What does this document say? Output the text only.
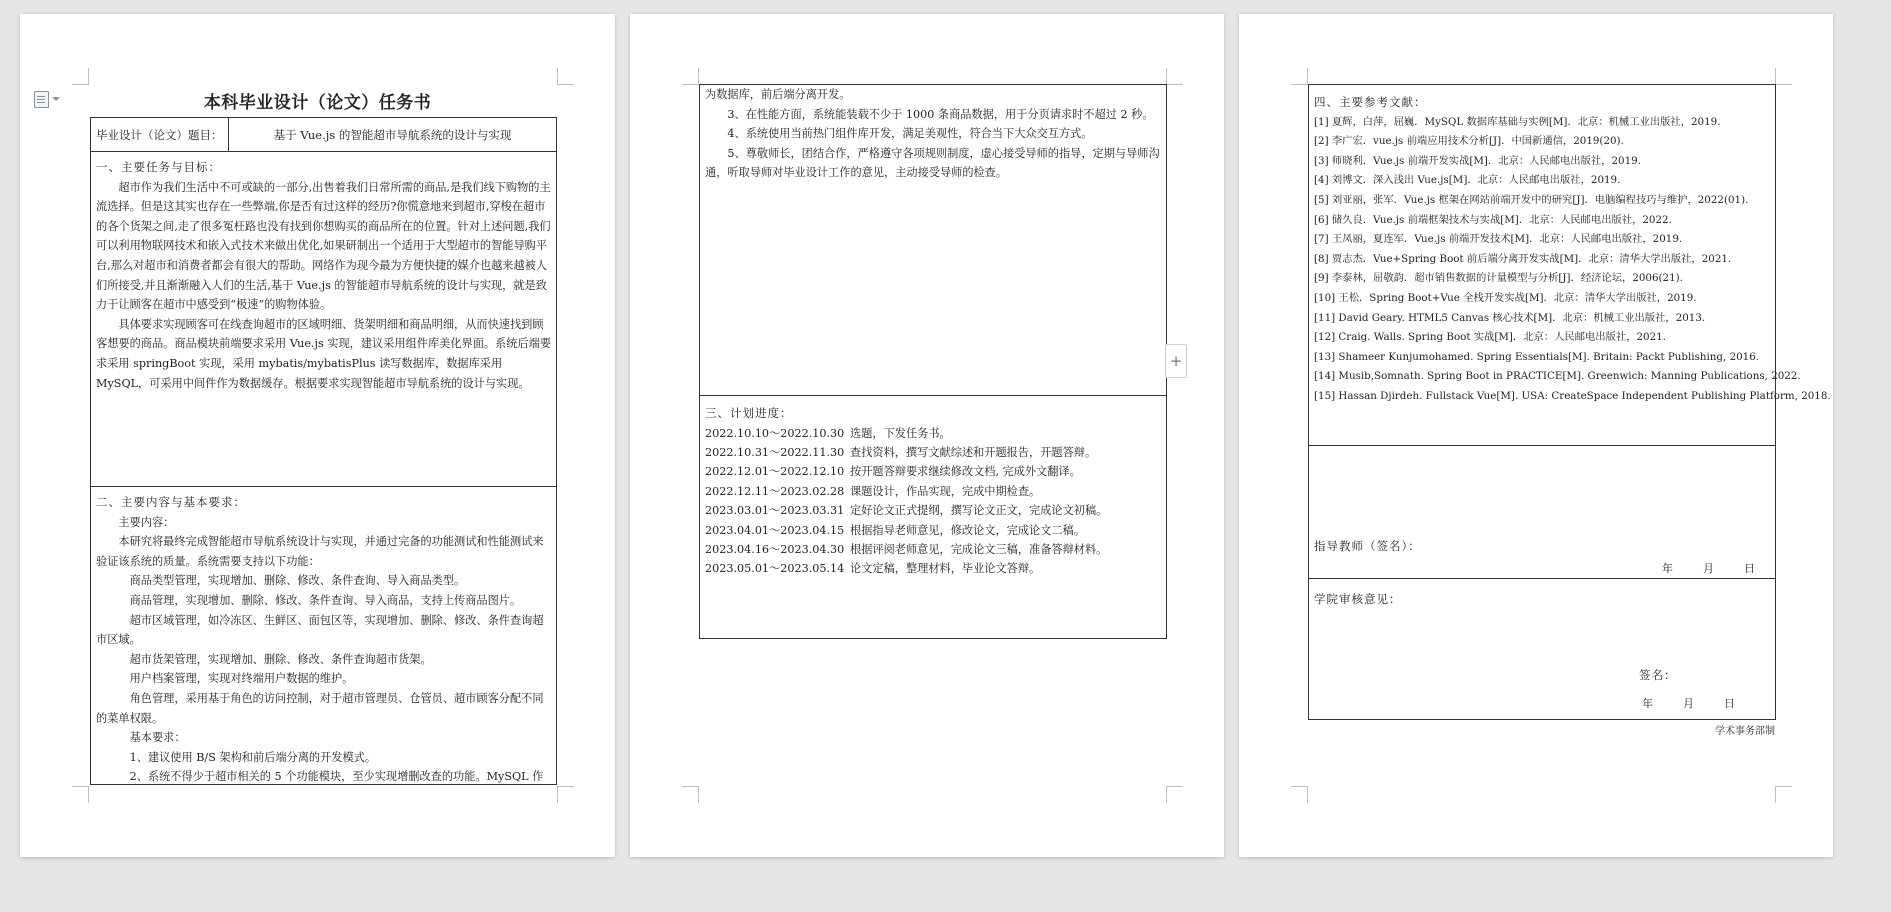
本科毕业设计（论文）任务书
毕业设计（论文）题目：	基于 Vue.js 的智能超市导航系统的设计与实现

一、主要任务与目标：

超市作为我们生活中不可或缺的一部分,出售着我们日常所需的商品,是我们线下购物的主流选择。但是这其实也存在一些弊端,你是否有过这样的经历?你慌意地来到超市,穿梭在超市的各个货架之间,走了很多冤枉路也没有找到你想购买的商品所在的位置。针对上述问题,我们可以利用物联网技术和嵌入式技术来做出优化,如果研制出一个适用于大型超市的智能导购平台,那么对超市和消费者都会有很大的帮助。网络作为现今最为方便快捷的媒介也越来越被人们所接受,并且渐渐融入人们的生活,基于 Vue.js 的智能超市导航系统的设计与实现，就是致力于让顾客在超市中感受到“极速”的购物体验。

具体要求实现顾客可在线查询超市的区域明细、货架明细和商品明细，从而快速找到顾客想要的商品。商品模块前端要求采用 Vue.js 实现，建议采用组件库美化界面。系统后端要求采用 springBoot 实现，采用 mybatis/mybatisPlus 读写数据库，数据库采用MySQL，可采用中间件作为数据缓存。根据要求实现智能超市导航系统的设计与实现。

二、主要内容与基本要求：

主要内容：

本研究将最终完成智能超市导航系统设计与实现，并通过完备的功能测试和性能测试来验证该系统的质量。系统需要支持以下功能：

商品类型管理，实现增加、删除、修改、条件查询、导入商品类型。

商品管理，实现增加、删除、修改、条件查询、导入商品，支持上传商品图片。

超市区域管理，如冷冻区、生鲜区、面包区等，实现增加、删除、修改、条件查询超市区域。

超市货架管理，实现增加、删除、修改、条件查询超市货架。

用户档案管理，实现对终端用户数据的维护。

角色管理，采用基于角色的访问控制，对于超市管理员、仓管员、超市顾客分配不同的菜单权限。

基本要求：

1、建议使用 B/S 架构和前后端分离的开发模式。

2、系统不得少于超市相关的 5 个功能模块，至少实现增删改查的功能。MySQL 作

为数据库，前后端分离开发。

3、在性能方面，系统能装载不少于 1000 条商品数据，用于分页请求时不超过 2 秒。

4、系统使用当前热门组件库开发，满足美观性，符合当下大众交互方式。

5、尊敬师长，团结合作，严格遵守各项规则制度，虚心接受导师的指导，定期与导师沟通，听取导师对毕业设计工作的意见，主动接受导师的检查。

三、计划进度：

2022.10.10～2022.10.30 选题，下发任务书。
2022.10.31～2022.11.30 查找资料，撰写文献综述和开题报告，开题答辩。
2022.12.01～2022.12.10 按开题答辩要求继续修改文档, 完成外文翻译。
2022.12.11～2023.02.28 课题设计，作品实现，完成中期检查。
2023.03.01～2023.03.31 定好论文正式提纲，撰写论文正文，完成论文初稿。
2023.04.01～2023.04.15 根据指导老师意见，修改论文，完成论文二稿。
2023.04.16～2023.04.30 根据评阅老师意见，完成论文三稿，准备答辩材料。
2023.05.01～2023.05.14 论文定稿，整理材料，毕业论文答辩。
+

四、主要参考文献：

[1] 夏辉，白萍，屈巍．MySQL 数据库基础与实例[M]．北京：机械工业出版社，2019.
[2] 李广宏．vue.js 前端应用技术分析[J]．中国新通信，2019(20).
[3] 师晓利．Vue.js 前端开发实战[M]．北京：人民邮电出版社，2019.
[4] 刘博文．深入浅出 Vue.js[M]．北京：人民邮电出版社，2019.
[5] 刘亚丽，张军．Vue.js 框架在网站前端开发中的研究[J]．电脑编程技巧与维护，2022(01).
[6] 储久良．Vue.js 前端框架技术与实战[M]．北京：人民邮电出版社，2022.
[7] 王凤丽，夏连军．Vue.js 前端开发技术[M]．北京：人民邮电出版社，2019.
[8] 贾志杰．Vue+Spring Boot 前后端分离开发实战[M]．北京：清华大学出版社，2021.
[9] 李泰林，屈敬韵．超市销售数据的计量模型与分析[J]．经济论坛，2006(21).
[10] 王松．Spring Boot+Vue 全栈开发实战[M]．北京：清华大学出版社，2019.
[11] David Geary. HTML5 Canvas 核心技术[M]．北京：机械工业出版社，2013.
[12] Craig. Walls. Spring Boot 实战[M]．北京：人民邮电出版社，2021.
[13] Shameer Kunjumohamed. Spring Essentials[M]. Britain: Packt Publishing, 2016.
[14] Musib,Somnath. Spring Boot in PRACTICE[M]. Greenwich: Manning Publications, 2022.
[15] Hassan Djirdeh. Fullstack Vue[M]. USA: CreateSpace Independent Publishing Platform, 2018.
指导教师（签名）：
年	月	日
学院审核意见：
签名：
年	月	日
学术事务部制
